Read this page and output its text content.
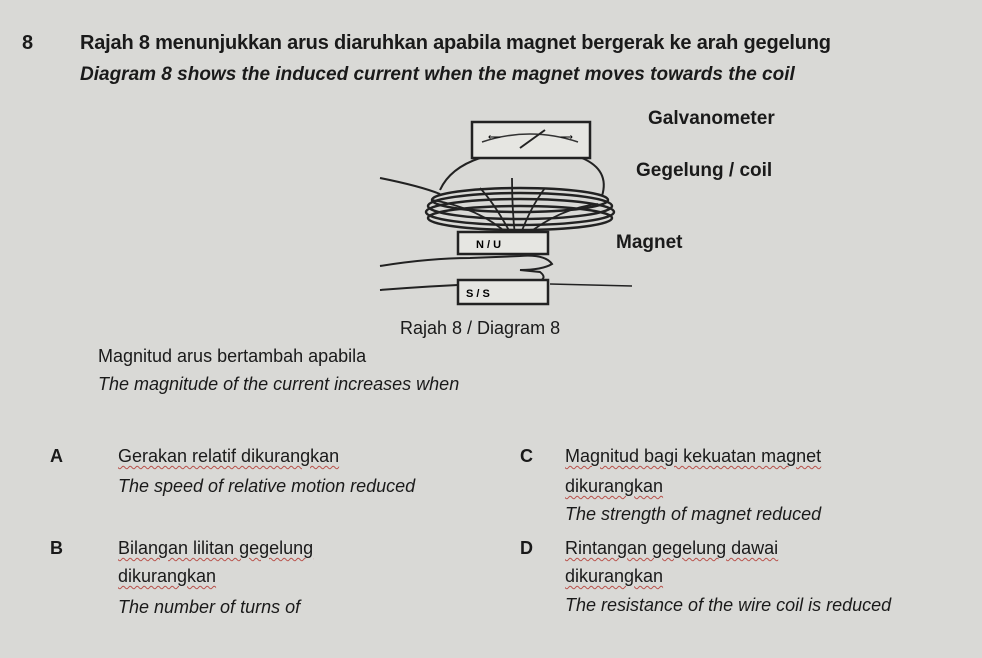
8 Rajah 8 menunjukkan arus diaruhkan apabila magnet bergerak ke arah gegelung
Diagram 8 shows the induced current when the magnet moves towards the coil
⟵	⟶
N / U
S / S
Galvanometer
Gegelung / coil
Magnet
Rajah 8 / Diagram 8
Magnitud arus bertambah apabila
The magnitude of the current increases when
A	Gerakan relatif dikurangkan
The speed of relative motion reduced
B	Bilangan lilitan gegelung
dikurangkan
The number of turns of
C Magnitud bagi kekuatan magnet
dikurangkan
The strength of magnet reduced
D Rintangan gegelung dawai
dikurangkan
The resistance of the wire coil is reduced
